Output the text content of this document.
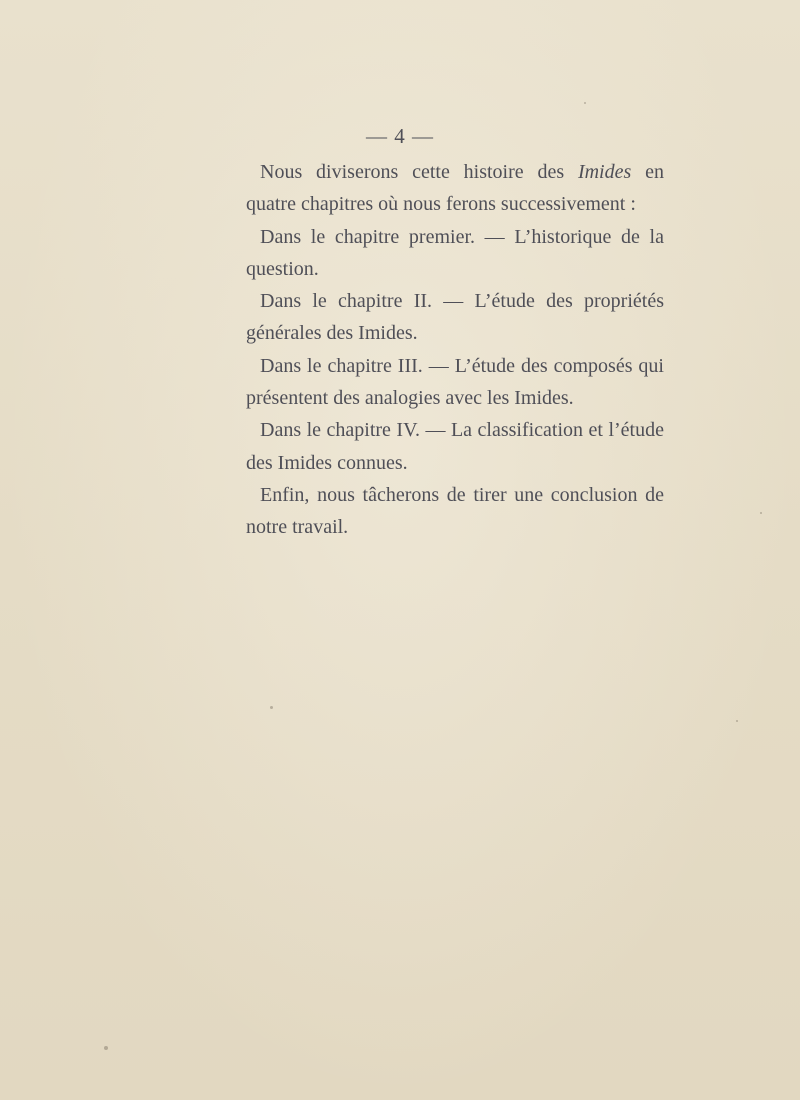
— 4 —

Nous diviserons cette histoire des Imides en quatre chapitres où nous ferons successivement :

Dans le chapitre premier. — L’historique de la question.

Dans le chapitre II. — L’étude des propriétés générales des Imides.

Dans le chapitre III. — L’étude des composés qui présentent des analogies avec les Imides.

Dans le chapitre IV. — La classification et l’étude des Imides connues.

Enfin, nous tâcherons de tirer une conclusion de notre travail.
